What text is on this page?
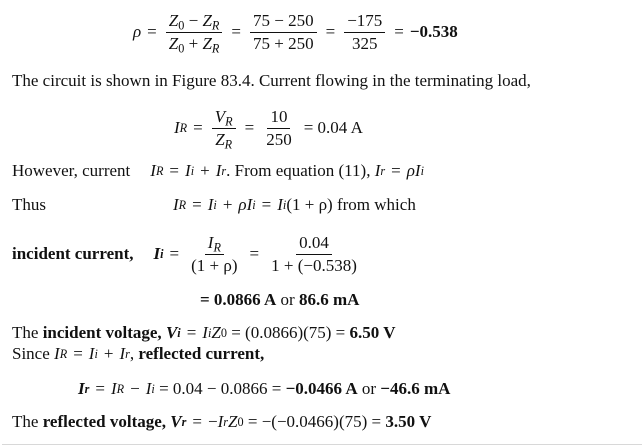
$\rho = \frac{Z_0 - Z_R}{Z_0 + Z_R} = \frac{75 - 250}{75 + 250} = \frac{-175}{325} = -0.538$
The circuit is shown in Figure 83.4. Current flowing in the terminating load,
I $R = \frac{V_R}{Z_R} = \frac{10}{250} = 0.04$ A
However, current I R = I i + I r . From equation (11),
I r = ρI i
Thus	I R = I i + ρI i = I i (1 + ρ)
from which
incident current, I $i = \frac{I_R}{(1 + \rho)} = \frac{0.04}{1 + (-0.538)}$
= 0.0866 A
or
86.6 mA
The
incident voltage,
V i = I i Z 0
= (0.0866)(75) =
6.50 V
Since
I R = I i + I r , reflected current,
I r = I R − I i
= 0.04 − 0.0866 =
−0.0466 A
or
−46.6 mA
The
reflected voltage,
V r = − I r Z 0
= −(−0.0466)(75) =
3.50 V
